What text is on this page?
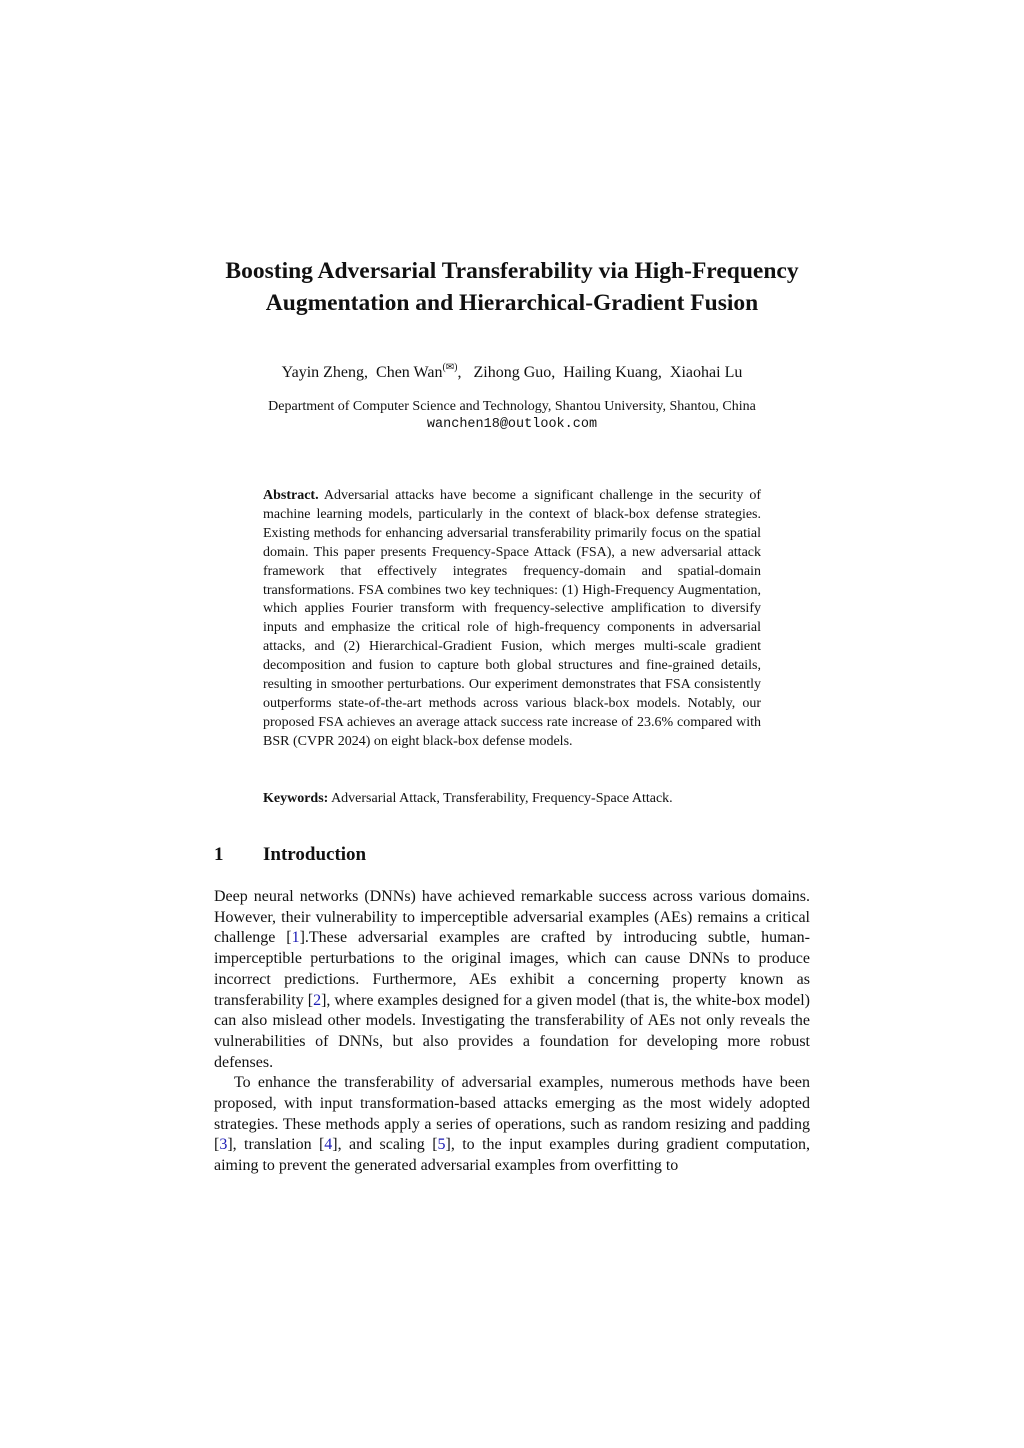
Boosting Adversarial Transferability via High-Frequency
Augmentation and Hierarchical-Gradient Fusion
Yayin Zheng, Chen Wan(✉), Zihong Guo, Hailing Kuang, Xiaohai Lu
Department of Computer Science and Technology, Shantou University, Shantou, China
wanchen18@outlook.com
Abstract. Adversarial attacks have become a significant challenge in the security of machine learning models, particularly in the context of black-box defense strategies. Existing methods for enhancing adversarial transferability primarily focus on the spatial domain. This paper presents Frequency-Space Attack (FSA), a new adversarial attack framework that effectively integrates frequency-domain and spatial-domain transformations. FSA combines two key techniques: (1) High-Frequency Augmentation, which applies Fourier transform with frequency-selective amplification to diversify inputs and emphasize the critical role of high-frequency components in adversarial attacks, and (2) Hierarchical-Gradient Fusion, which merges multi-scale gradient decomposition and fusion to capture both global structures and fine-grained details, resulting in smoother perturbations. Our experiment demonstrates that FSA consistently outperforms state-of-the-art methods across various black-box models. Notably, our proposed FSA achieves an average attack success rate increase of 23.6% compared with BSR (CVPR 2024) on eight black-box defense models.
Keywords: Adversarial Attack, Transferability, Frequency-Space Attack.
1 Introduction

Deep neural networks (DNNs) have achieved remarkable success across various domains. However, their vulnerability to imperceptible adversarial examples (AEs) remains a critical challenge [1].These adversarial examples are crafted by introducing subtle, human-imperceptible perturbations to the original images, which can cause DNNs to produce incorrect predictions. Furthermore, AEs exhibit a concerning property known as transferability [2], where examples designed for a given model (that is, the white-box model) can also mislead other models. Investigating the transferability of AEs not only reveals the vulnerabilities of DNNs, but also provides a foundation for developing more robust defenses.

To enhance the transferability of adversarial examples, numerous methods have been proposed, with input transformation-based attacks emerging as the most widely adopted strategies. These methods apply a series of operations, such as random resizing and padding [3], translation [4], and scaling [5], to the input examples during gradient computation, aiming to prevent the generated adversarial examples from overfitting to
